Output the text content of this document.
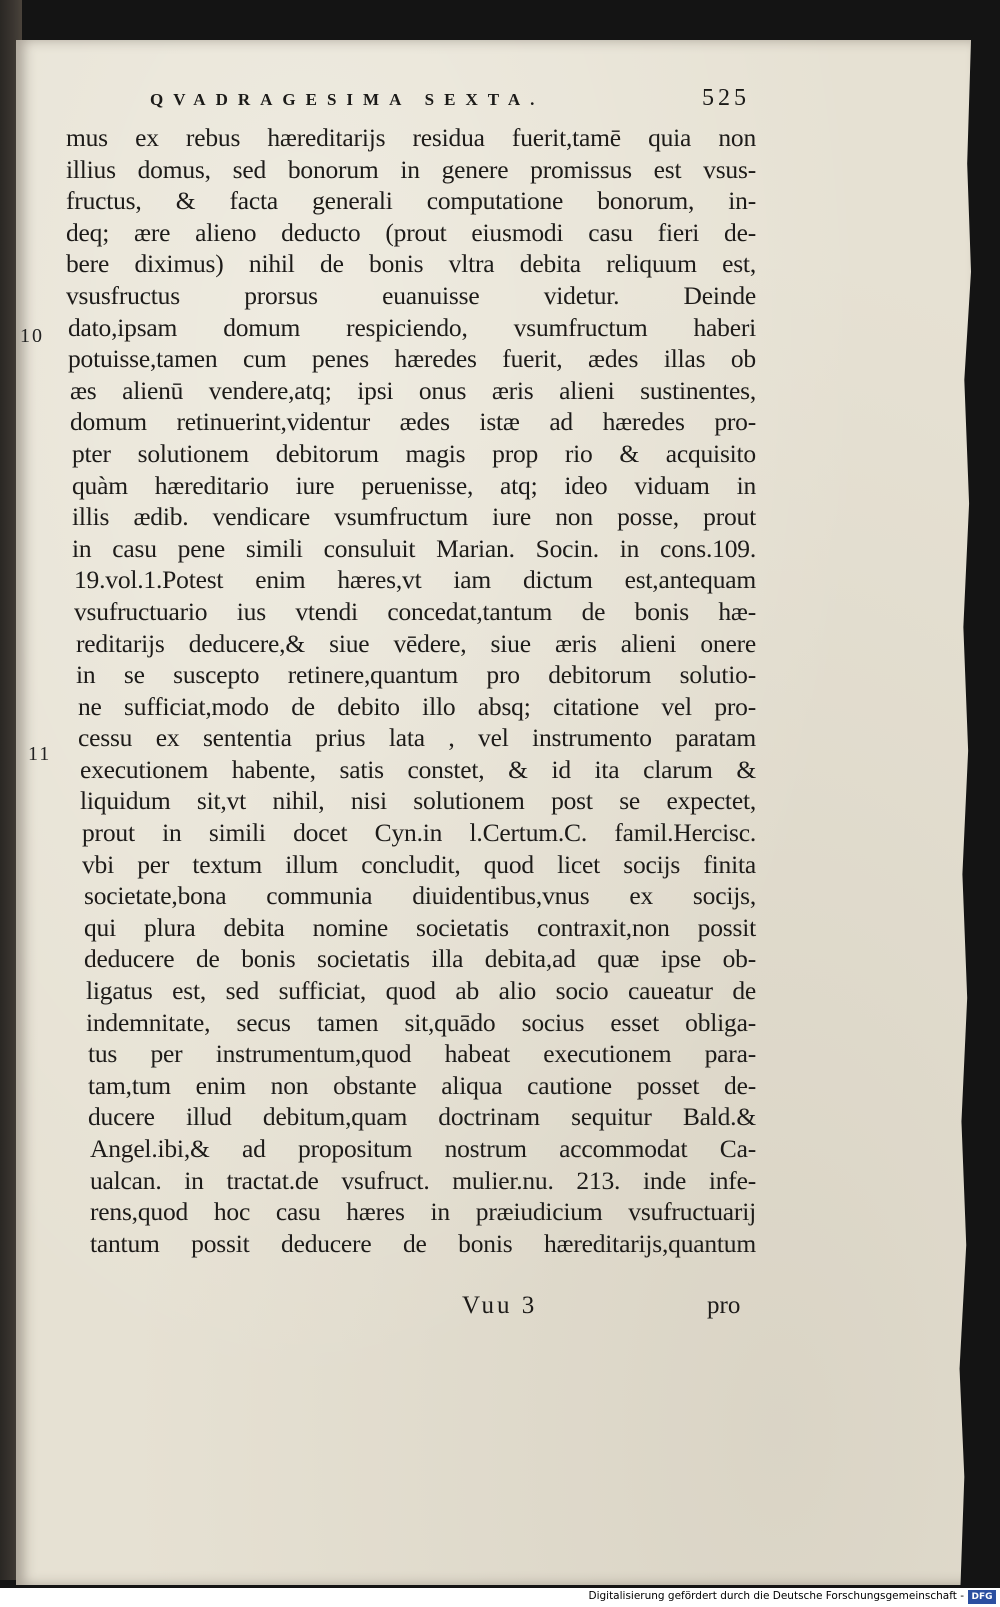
QVADRAGESIMA SEXTA.	525
10
11
mus ex rebus hæreditarijs residua fuerit,tamē quia non
illius domus, sed bonorum in genere promissus est vsus-
fructus, & facta generali computatione bonorum, in-
deq; ære alieno deducto (prout eiusmodi casu fieri de-
bere diximus) nihil de bonis vltra debita reliquum est,
vsusfructus prorsus euanuisse videtur. Deinde
dato,ipsam domum respiciendo, vsumfructum haberi
potuisse,tamen cum penes hæredes fuerit, ædes illas ob
æs alienū vendere,atq; ipsi onus æris alieni sustinentes,
domum retinuerint,videntur ædes istæ ad hæredes pro-
pter solutionem debitorum magis prop rio & acquisito
quàm hæreditario iure peruenisse, atq; ideo viduam in
illis ædib. vendicare vsumfructum iure non posse, prout
in casu pene simili consuluit Marian. Socin. in cons.109.
19.vol.1.Potest enim hæres,vt iam dictum est,antequam
vsufructuario ius vtendi concedat,tantum de bonis hæ-
reditarijs deducere,& siue vēdere, siue æris alieni onere
in se suscepto retinere,quantum pro debitorum solutio-
ne sufficiat,modo de debito illo absq; citatione vel pro-
cessu ex sententia prius lata , vel instrumento paratam
executionem habente, satis constet, & id ita clarum &
liquidum sit,vt nihil, nisi solutionem post se expectet,
prout in simili docet Cyn.in l.Certum.C. famil.Hercisc.
vbi per textum illum concludit, quod licet socijs finita
societate,bona communia diuidentibus,vnus ex socijs,
qui plura debita nomine societatis contraxit,non possit
deducere de bonis societatis illa debita,ad quæ ipse ob-
ligatus est, sed sufficiat, quod ab alio socio caueatur de
indemnitate, secus tamen sit,quādo socius esset obliga-
tus per instrumentum,quod habeat executionem para-
tam,tum enim non obstante aliqua cautione posset de-
ducere illud debitum,quam doctrinam sequitur Bald.&
Angel.ibi,& ad propositum nostrum accommodat Ca-
ualcan. in tractat.de vsufruct. mulier.nu. 213. inde infe-
rens,quod hoc casu hæres in præiudicium vsufructuarij
tantum possit deducere de bonis hæreditarijs,quantum
Vuu 3	pro
Digitalisierung gefördert durch die Deutsche Forschungsgemeinschaft - DFG
